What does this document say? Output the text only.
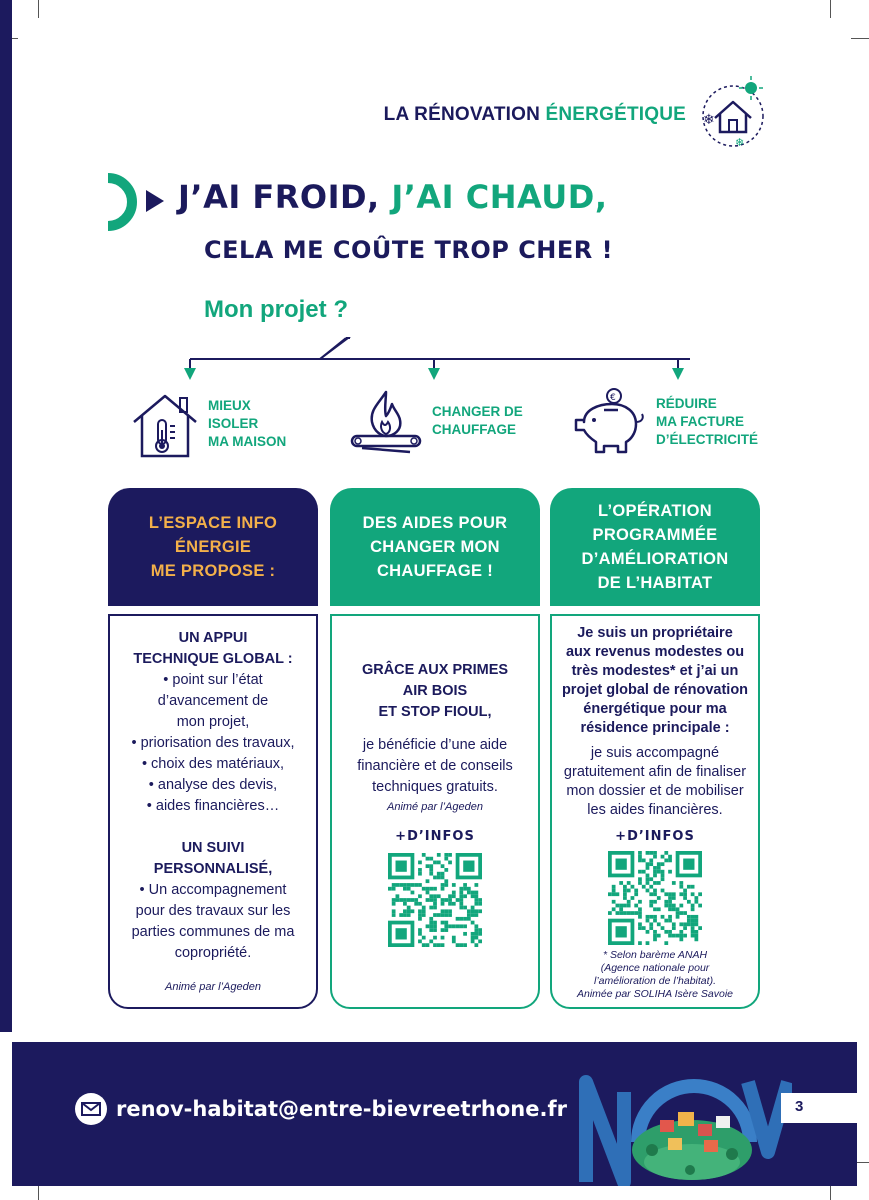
LA RÉNOVATION ÉNERGÉTIQUE ❄
❄
J’AI FROID, J’AI CHAUD,
CELA ME COÛTE TROP CHER !
Mon projet ?
MIEUX
ISOLER
MA MAISON
CHANGER DE
CHAUFFAGE
€	RÉDUIRE
MA FACTURE
D’ÉLECTRICITÉ
L’ESPACE INFO
ÉNERGIE
ME PROPOSE :
DES AIDES POUR
CHANGER MON
CHAUFFAGE !
L’OPÉRATION
PROGRAMMÉE
D’AMÉLIORATION
DE L’HABITAT
UN APPUI
TECHNIQUE GLOBAL :
• point sur l’état
d’avancement de
mon projet,
• priorisation des travaux,
• choix des matériaux,
• analyse des devis,
• aides financières…
UN SUIVI
PERSONNALISÉ,
• Un accompagnement
pour des travaux sur les
parties communes de ma
copropriété.
Animé par l’Ageden
GRÂCE AUX PRIMES
AIR BOIS
ET STOP FIOUL,
je bénéficie d’une aide
financière et de conseils
techniques gratuits.
Animé par l’Ageden
+D’INFOS
Je suis un propriétaire
aux revenus modestes ou
très modestes* et j’ai un
projet global de rénovation
énergétique pour ma
résidence principale :
je suis accompagné
gratuitement afin de finaliser
mon dossier et de mobiliser
les aides financières.
+D’INFOS
* Selon barème ANAH
(Agence nationale pour
l’amélioration de l’habitat).
Animée par SOLIHA Isère Savoie
renov-habitat@entre-bievreetrhone.fr	3
